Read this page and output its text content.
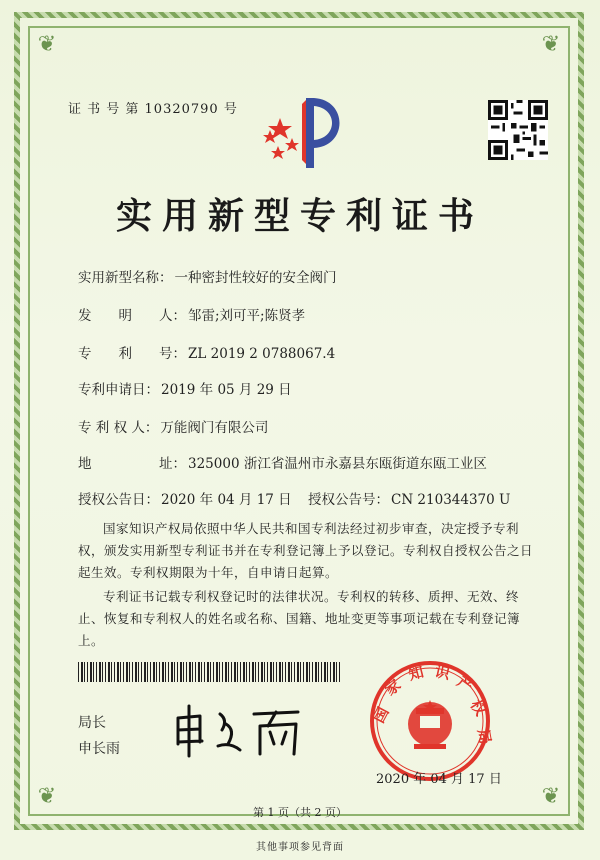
❦	❦
❦	❦
证 书 号 第 10320790 号
实用新型专利证书
实用新型名称： 一种密封性较好的安全阀门
发　　明　　人： 邹雷;刘可平;陈贤孝
专　　利　　号： ZL 2019 2 0788067.4
专利申请日： 2019 年 05 月 29 日
专 利 权 人： 万能阀门有限公司
地　　　　　址： 325000 浙江省温州市永嘉县东瓯街道东瓯工业区
授权公告日： 2020 年 04 月 17 日 授权公告号： CN 210344370 U
国家知识产权局依照中华人民共和国专利法经过初步审查，决定授予专利权，颁发实用新型专利证书并在专利登记簿上予以登记。专利权自授权公告之日起生效。专利权期限为十年，自申请日起算。
专利证书记载专利权登记时的法律状况。专利权的转移、质押、无效、终止、恢复和专利权人的姓名或名称、国籍、地址变更等事项记载在专利登记簿上。
局长
申长雨
国
家
知 识
产
权
局
2020 年 04 月 17 日
第 1 页（共 2 页）
其他事项参见背面
